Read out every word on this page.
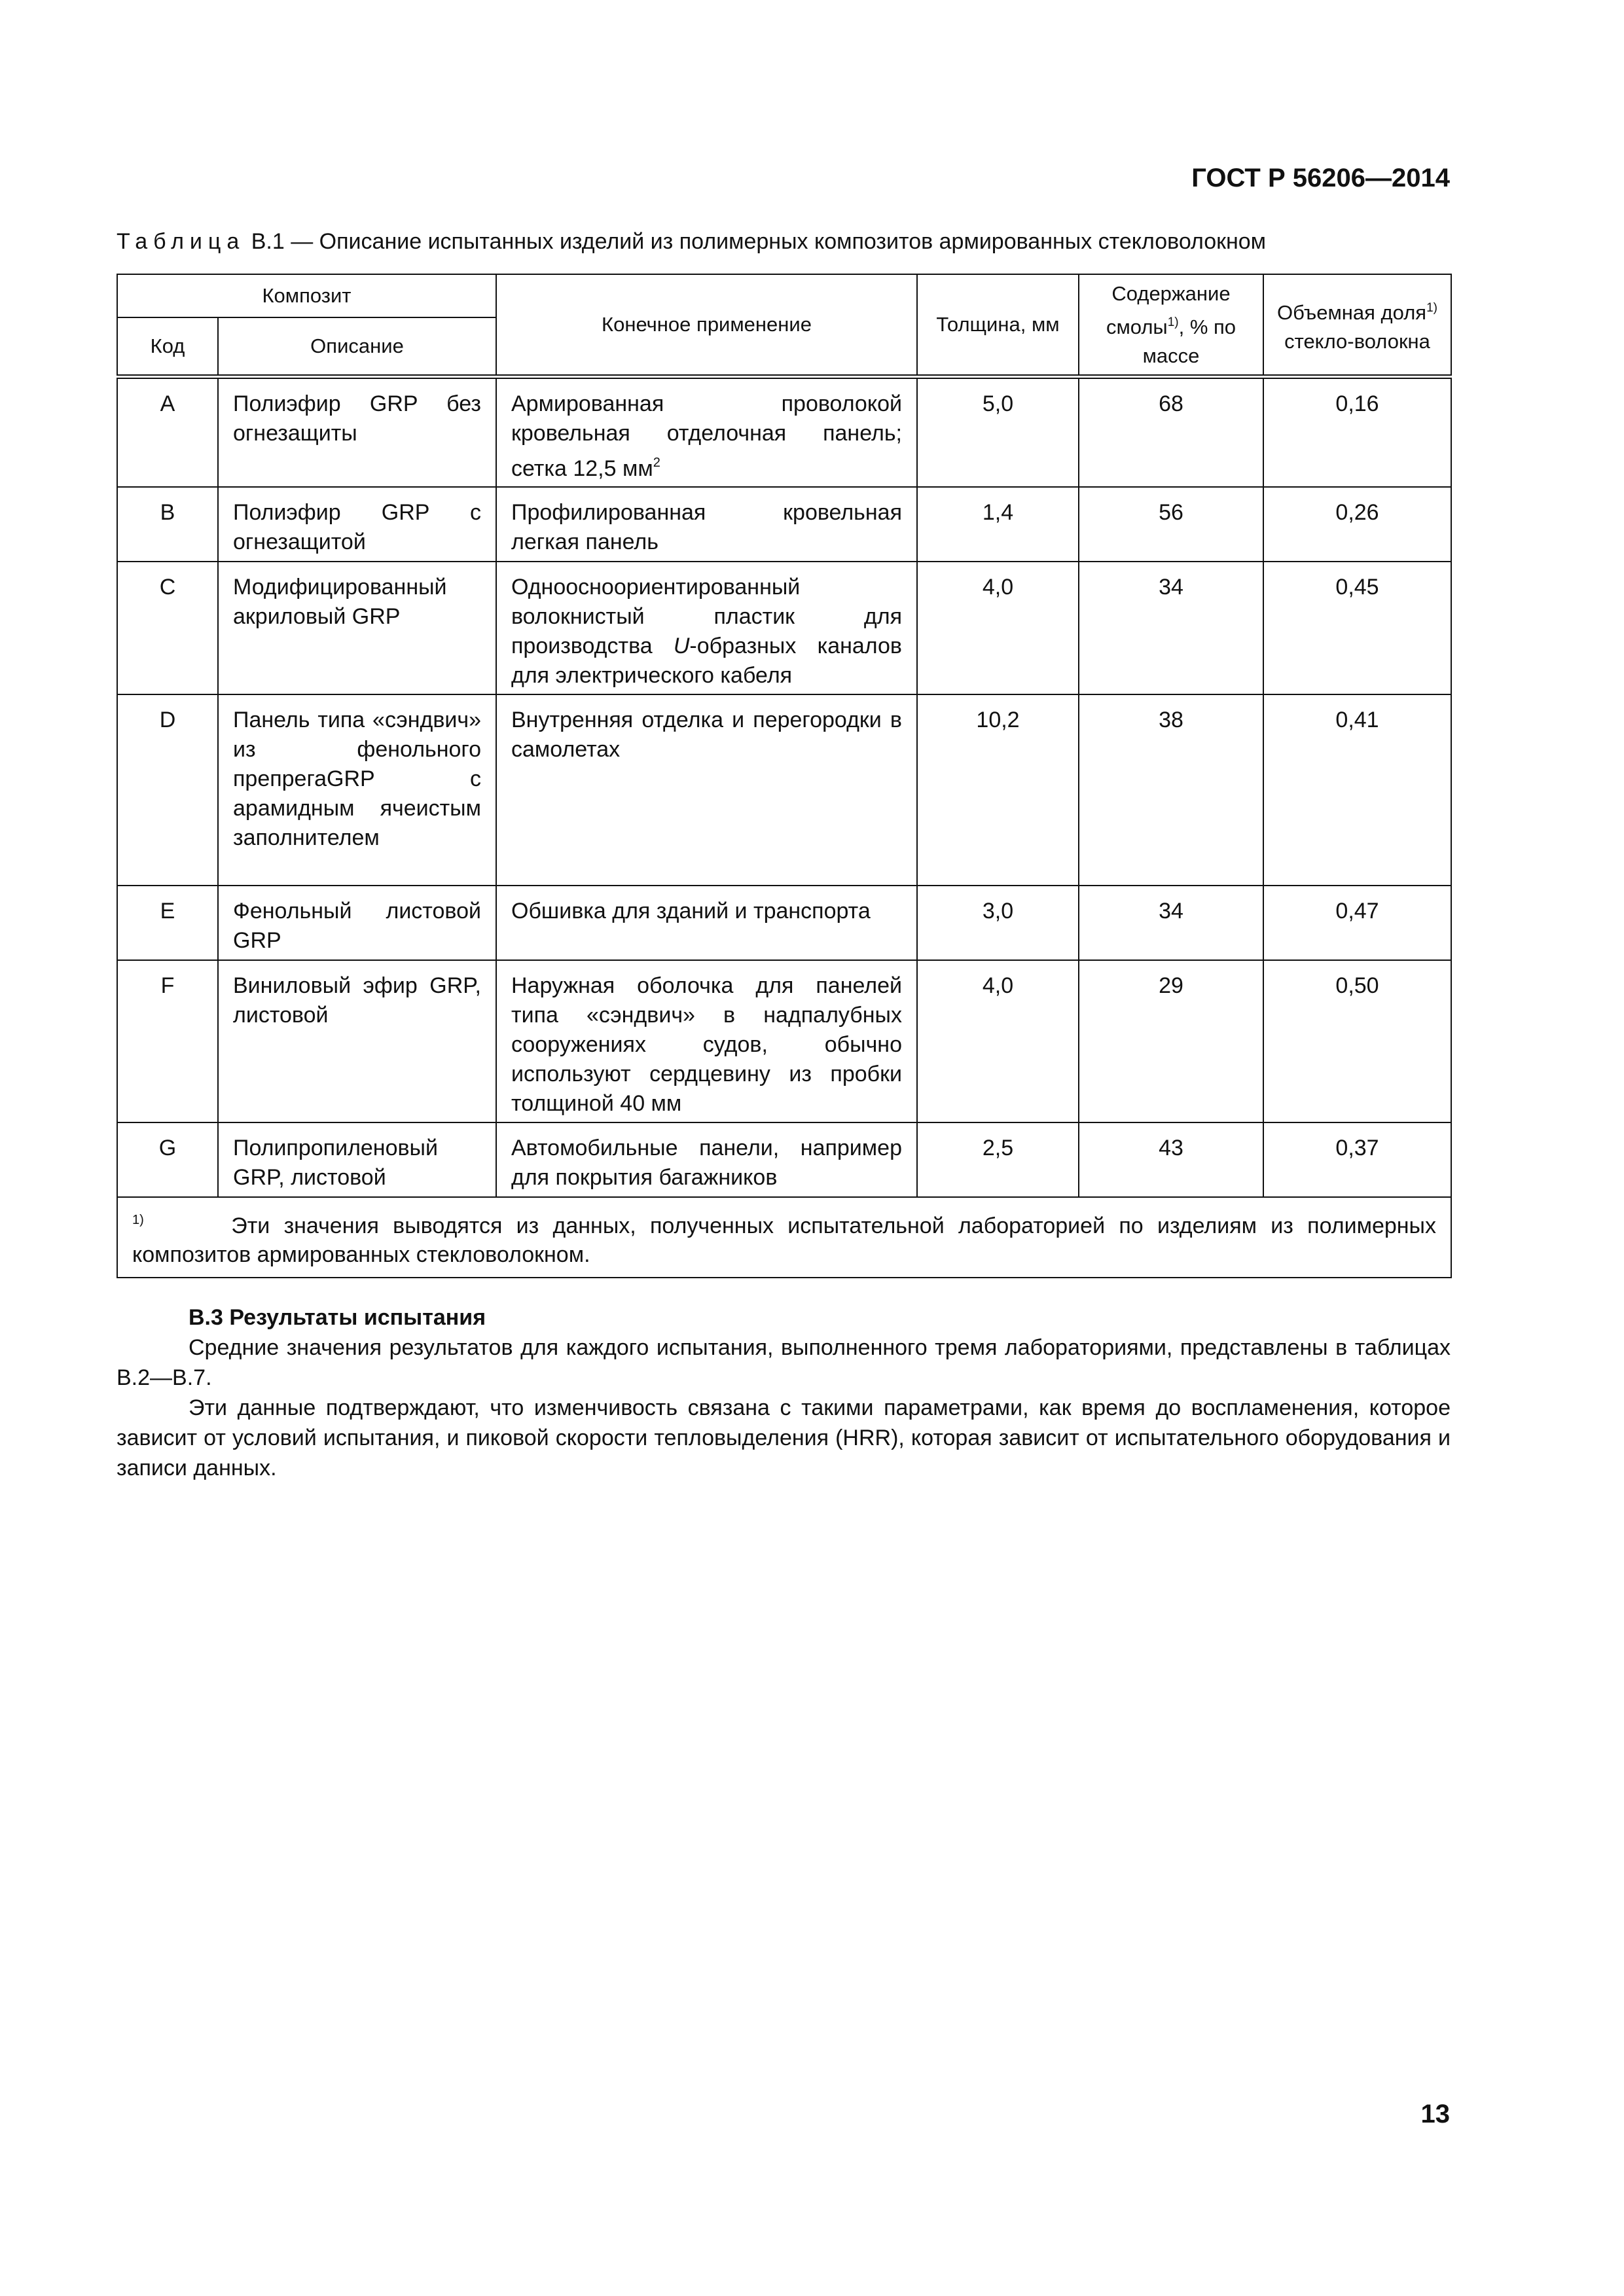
ГОСТ Р 56206—2014
Таблица В.1 — Описание испытанных изделий из полимерных композитов армированных стекловолокном
Композит		Конечное применение	Толщина, мм	Содержание смолы$^{1)}$, % по массе	Объемная доля$^{1)}$ стекло-волокна
Код	Описание				
A	Полиэфир GRP без огнезащиты	Армированная проволокой кровельная отделочная панель; сетка 12,5 $мм^2$	5,0	68	0,16
B	Полиэфир GRP с огнезащитой	Профилированная кровельная легкая панель	1,4	56	0,26
C	Модифицированный акриловый GRP	Одноосноориентированный волокнистый пластик для производства U-образных каналов для электрического кабеля	4,0	34	0,45
D	Панель типа «сэндвич» из фенольного препрегаGRP с арамидным ячеистым заполнителем	Внутренняя отделка и перегородки в самолетах	10,2	38	0,41
E	Фенольный листовой GRP	Обшивка для зданий и транспорта	3,0	34	0,47
F	Виниловый эфир GRP, листовой	Наружная оболочка для панелей типа «сэндвич» в надпалубных сооружениях судов, обычно используют сердцевину из пробки толщиной 40 мм	4,0	29	0,50
G	Полипропиленовый GRP, листовой	Автомобильные панели, например для покрытия багажников	2,5	43	0,37
$^{1)}$ Эти значения выводятся из данных, полученных испытательной лабораторией по изделиям из полимерных композитов армированных стекловолокном.					

В.3 Результаты испытания

Средние значения результатов для каждого испытания, выполненного тремя лабораториями, представлены в таблицах В.2—В.7.

Эти данные подтверждают, что изменчивость связана с такими параметрами, как время до воспламенения, которое зависит от условий испытания, и пиковой скорости тепловыделения (HRR), которая зависит от испытательного оборудования и записи данных.

13
